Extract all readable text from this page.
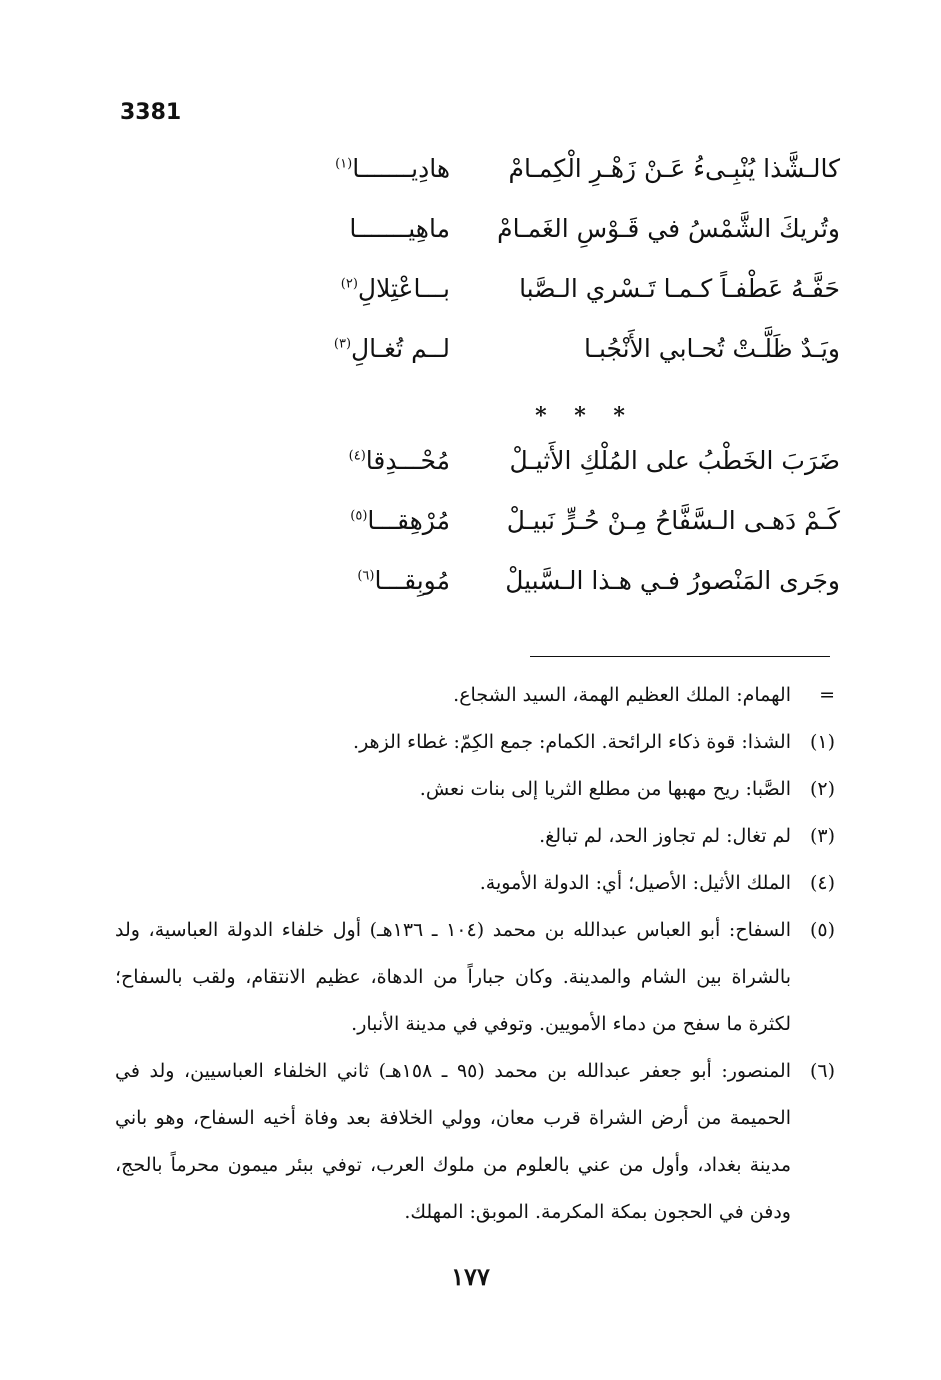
3381
كالـشَّذا يُنْبِـىءُ عَـنْ زَهْـرِ الْكِمـامْ
هادِيـــــــا$^{(١)}$
وتُريكَ الشَّمْسُ في قَـوْسِ الغَمـامْ
ماهِيـــــــا
حَفَّـهُ عَطْفـاً كـمـا تَـسْري الـصَّبا
بـــاعْتِلالِ$^{(٢)}$
ويَـدٌ ظَلَّـتْ تُحـابي الأَنْجُبـا
لــم تُغـالِ$^{(٣)}$
* * *
ضَرَبَ الخَطْبُ على المُلْكِ الأَثيـلْ
مُحْـــدِقا$^{(٤)}$
كَـمْ دَهـى الـسَّفَّاحُ مِـنْ حُـرٍّ نَبيـلْ
مُرْهِقـــا$^{(٥)}$
وجَرى المَنْصورُ فـي هـذا الـسَّبيلْ
مُوبِقـــا$^{(٦)}$
=
الهمام: الملك العظيم الهمة، السيد الشجاع.
(١)
الشذا: قوة ذكاء الرائحة. الكمام: جمع الكِمّ: غطاء الزهر.
(٢)
الصَّبا: ريح مهبها من مطلع الثريا إلى بنات نعش.
(٣)
لم تغال: لم تجاوز الحد، لم تبالغ.
(٤)
الملك الأثيل: الأصيل؛ أي: الدولة الأموية.
(٥)
السفاح: أبو العباس عبدالله بن محمد (١٠٤ ـ ١٣٦هـ) أول خلفاء الدولة العباسية، ولد بالشراة بين الشام والمدينة. وكان جباراً من الدهاة، عظيم الانتقام، ولقب بالسفاح؛ لكثرة ما سفح من دماء الأمويين. وتوفي في مدينة الأنبار.
(٦)
المنصور: أبو جعفر عبدالله بن محمد (٩٥ ـ ١٥٨هـ) ثاني الخلفاء العباسيين، ولد في الحميمة من أرض الشراة قرب معان، وولي الخلافة بعد وفاة أخيه السفاح، وهو باني مدينة بغداد، وأول من عني بالعلوم من ملوك العرب، توفي ببئر ميمون محرماً بالحج، ودفن في الحجون بمكة المكرمة. الموبق: المهلك.
١٧٧
